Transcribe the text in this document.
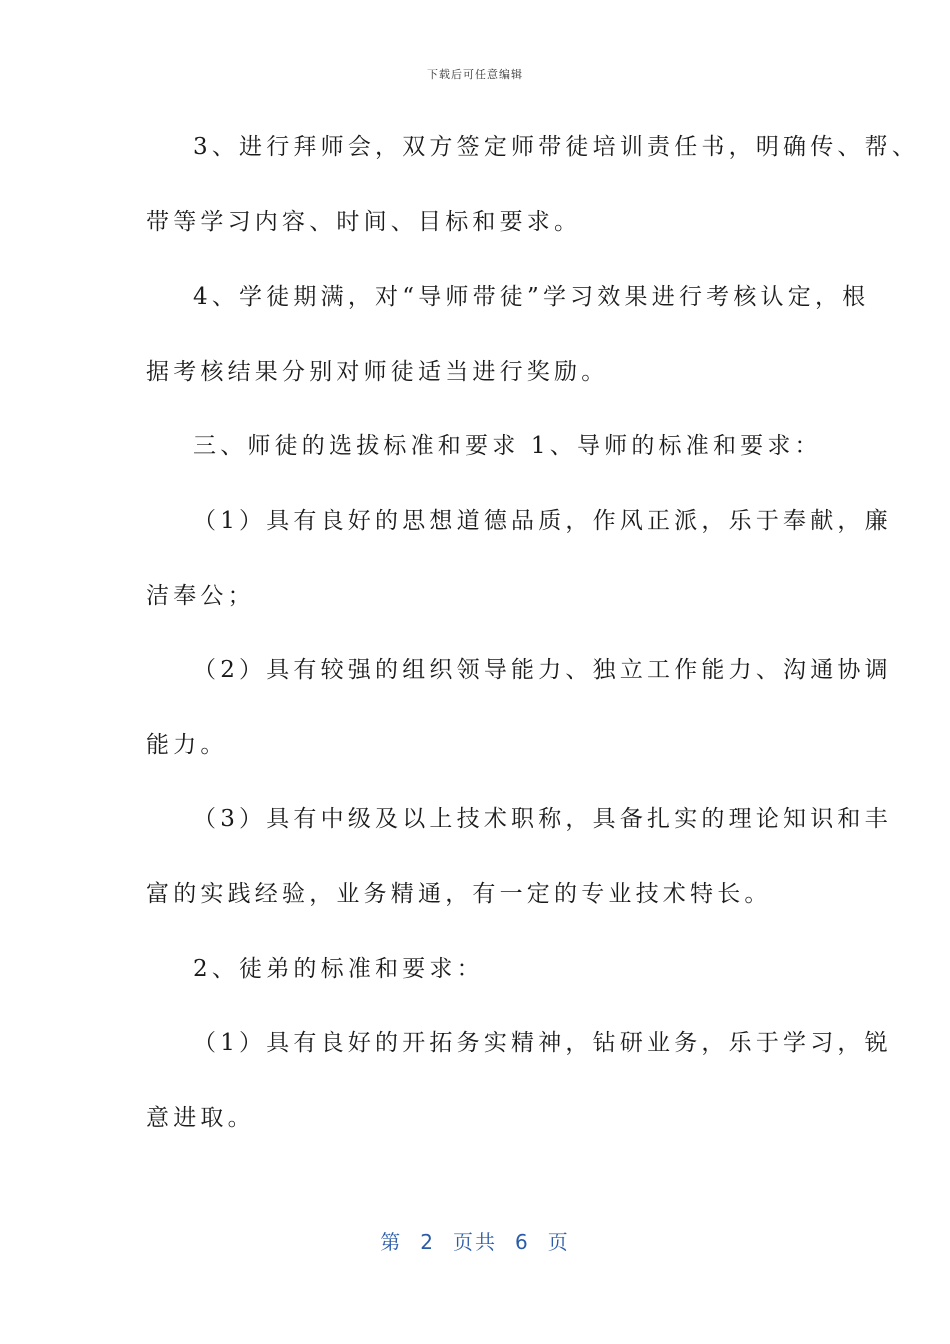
下载后可任意编辑
3、进行拜师会，双方签定师带徒培训责任书，明确传、帮、
带等学习内容、时间、目标和要求。
4、学徒期满，对“导师带徒”学习效果进行考核认定，根
据考核结果分别对师徒适当进行奖励。
三、师徒的选拔标准和要求 1、导师的标准和要求：
（1）具有良好的思想道德品质，作风正派，乐于奉献，廉
洁奉公；
（2）具有较强的组织领导能力、独立工作能力、沟通协调
能力。
（3）具有中级及以上技术职称，具备扎实的理论知识和丰
富的实践经验，业务精通，有一定的专业技术特长。
2、徒弟的标准和要求：
（1）具有良好的开拓务实精神，钻研业务，乐于学习，锐
意进取。
第 2 页共 6 页
